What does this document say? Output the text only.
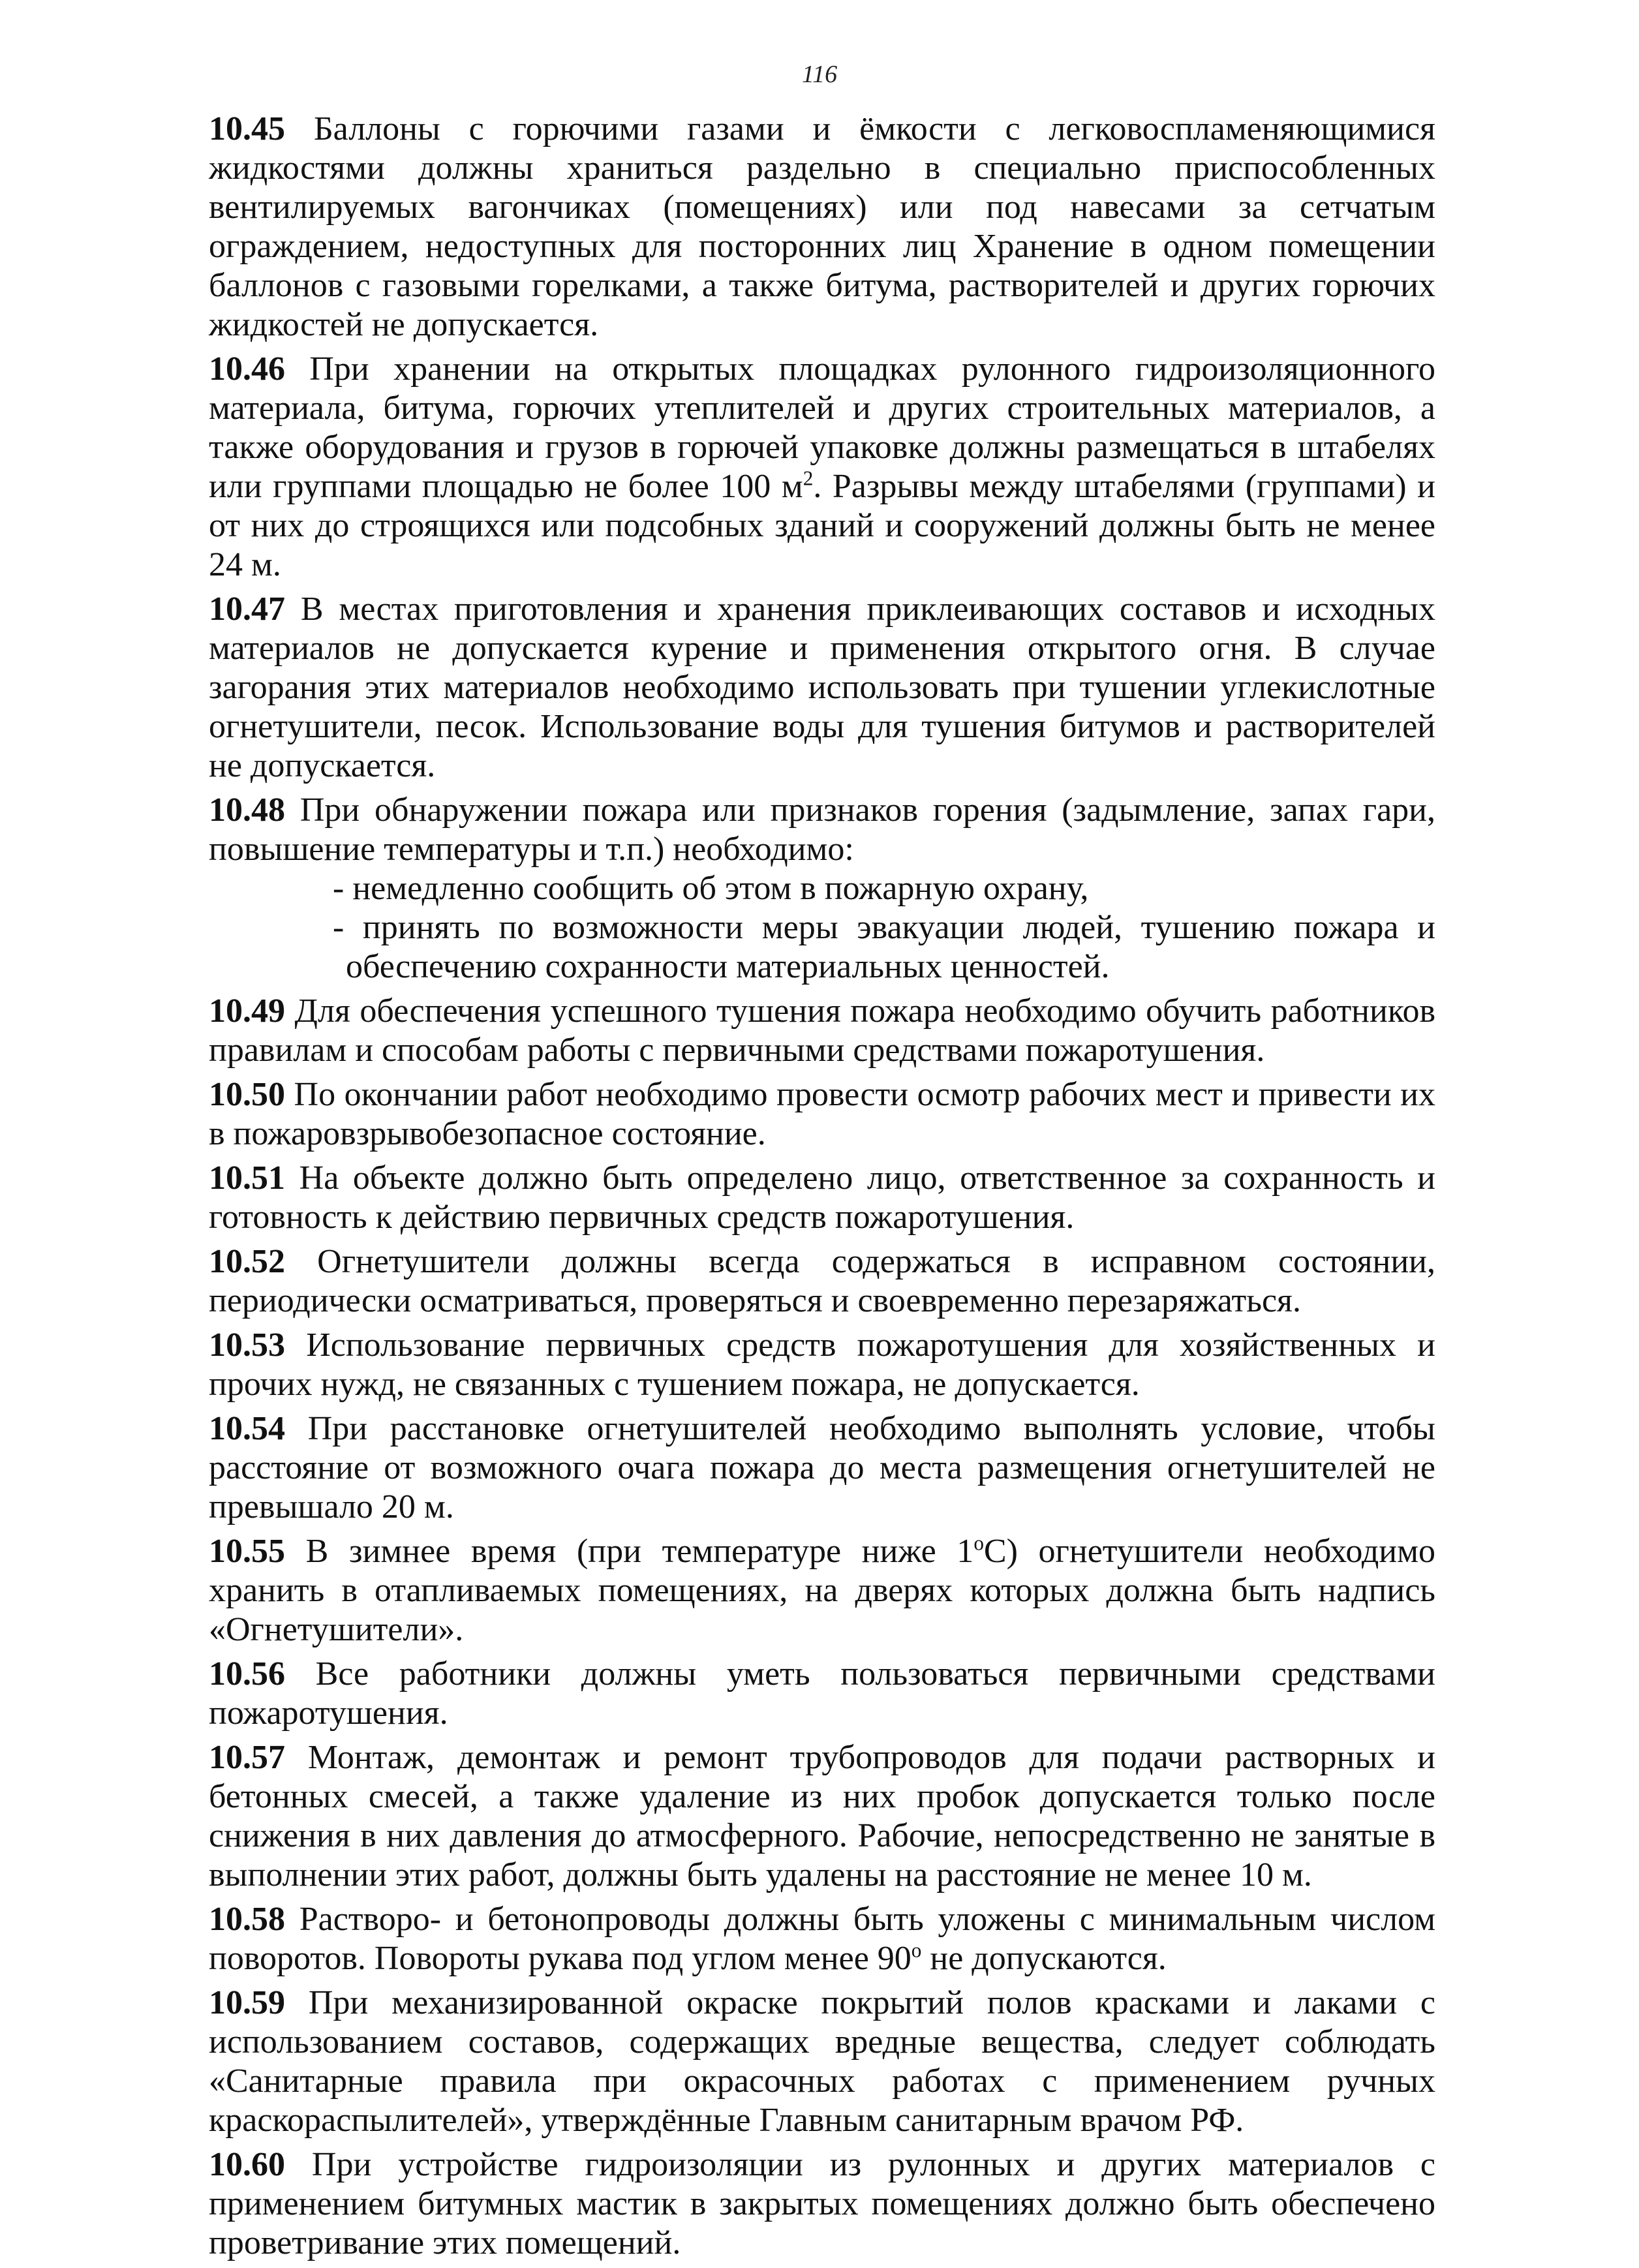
116

10.45 Баллоны с горючими газами и ёмкости с легковоспламеняющимися жидкостями должны храниться раздельно в специально приспособленных вентилируемых вагончиках (помещениях) или под навесами за сетчатым ограждением, недоступных для посторонних лиц Хранение в одном помещении баллонов с газовыми горелками, а также битума, растворителей и других горючих жидкостей не допускается.

10.46 При хранении на открытых площадках рулонного гидроизоляционного материала, битума, горючих утеплителей и других строительных материалов, а также оборудования и грузов в горючей упаковке должны размещаться в штабелях или группами площадью не более 100 $м^2$. Разрывы между штабелями (группами) и от них до строящихся или подсобных зданий и сооружений должны быть не менее 24 м.

10.47 В местах приготовления и хранения приклеивающих составов и исходных материалов не допускается курение и применения открытого огня. В случае загорания этих материалов необходимо использовать при тушении углекислотные огнетушители, песок. Использование воды для тушения битумов и растворителей не допускается.

10.48 При обнаружении пожара или признаков горения (задымление, запах гари, повышение температуры и т.п.) необходимо:

- немедленно сообщить об этом в пожарную охрану,
- принять по возможности меры эвакуации людей, тушению пожара и обеспечению сохранности материальных ценностей.

10.49 Для обеспечения успешного тушения пожара необходимо обучить работников правилам и способам работы с первичными средствами пожаротушения.

10.50 По окончании работ необходимо провести осмотр рабочих мест и привести их в пожаровзрывобезопасное состояние.

10.51 На объекте должно быть определено лицо, ответственное за сохранность и готовность к действию первичных средств пожаротушения.

10.52 Огнетушители должны всегда содержаться в исправном состоянии, периодически осматриваться, проверяться и своевременно перезаряжаться.

10.53 Использование первичных средств пожаротушения для хозяйственных и прочих нужд, не связанных с тушением пожара, не допускается.

10.54 При расстановке огнетушителей необходимо выполнять условие, чтобы расстояние от возможного очага пожара до места размещения огнетушителей не превышало 20 м.

10.55 В зимнее время (при температуре ниже $1^оС$) огнетушители необходимо хранить в отапливаемых помещениях, на дверях которых должна быть надпись «Огнетушители».

10.56 Все работники должны уметь пользоваться первичными средствами пожаротушения.

10.57 Монтаж, демонтаж и ремонт трубопроводов для подачи растворных и бетонных смесей, а также удаление из них пробок допускается только после снижения в них давления до атмосферного. Рабочие, непосредственно не занятые в выполнении этих работ, должны быть удалены на расстояние не менее 10 м.

10.58 Растворо- и бетонопроводы должны быть уложены с минимальным числом поворотов. Повороты рукава под углом менее $90^о$ не допускаются.

10.59 При механизированной окраске покрытий полов красками и лаками с использованием составов, содержащих вредные вещества, следует соблюдать «Санитарные правила при окрасочных работах с применением ручных краскораспылителей», утверждённые Главным санитарным врачом РФ.

10.60 При устройстве гидроизоляции из рулонных и других материалов с применением битумных мастик в закрытых помещениях должно быть обеспечено проветривание этих помещений.
